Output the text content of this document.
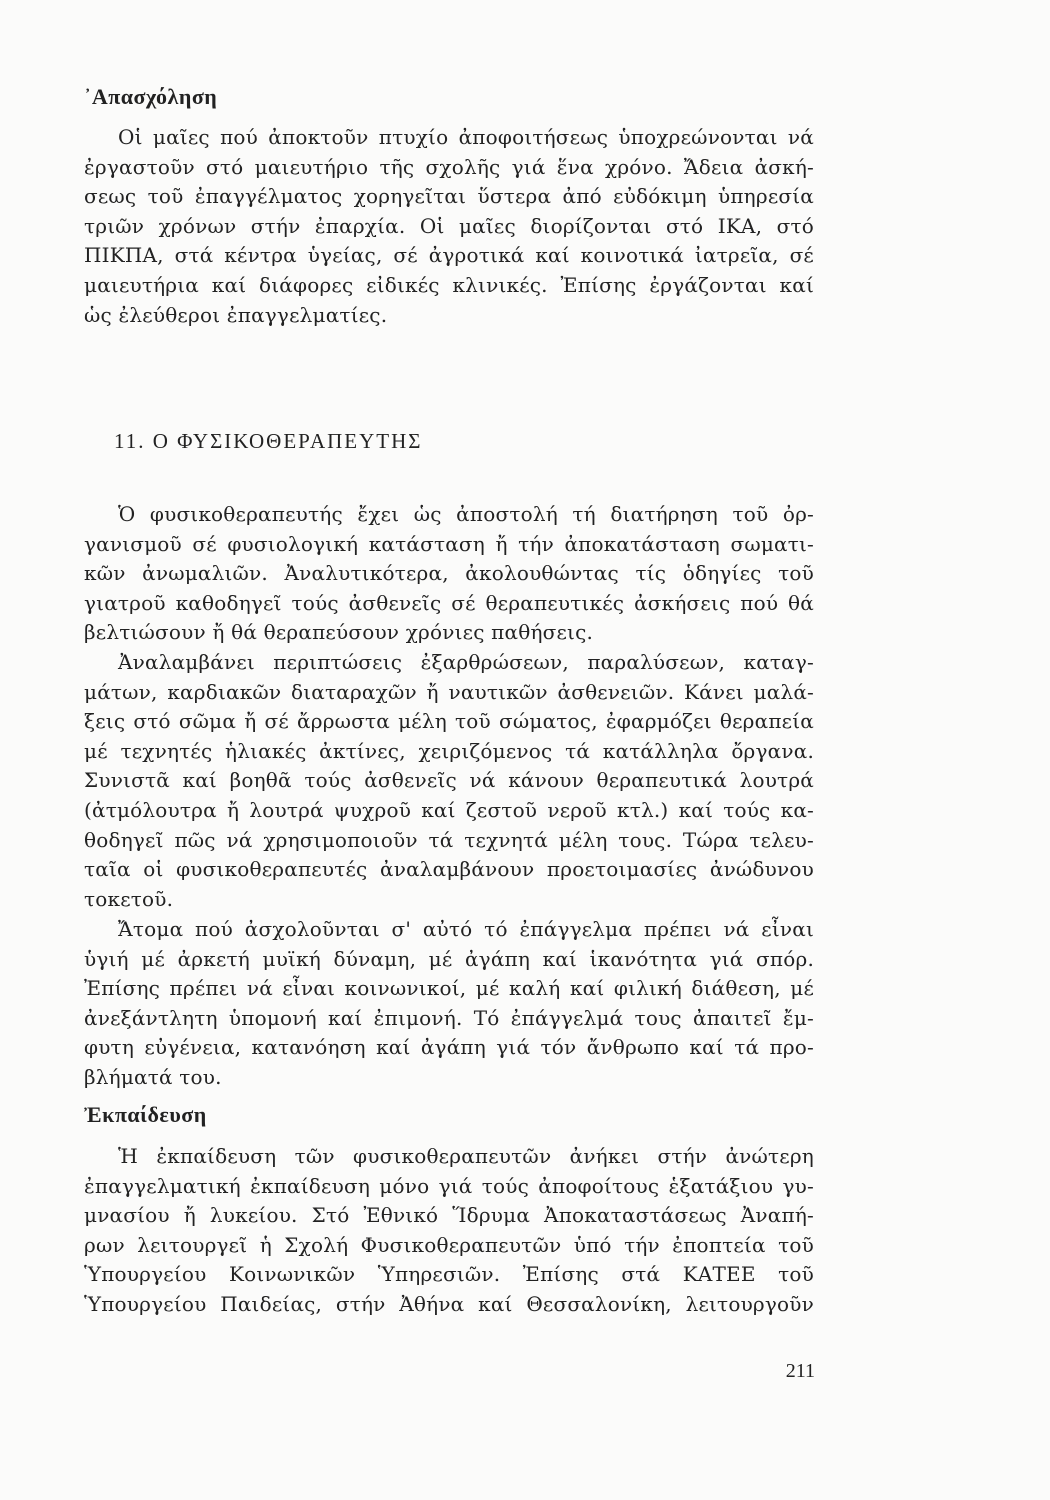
᾿Απασχόληση

Οἱ μαῖες πού ἀποκτοῦν πτυχίο ἀποφοιτήσεως ὑποχρεώνονται νά
ἐργαστοῦν στό μαιευτήριο τῆς σχολῆς γιά ἕνα χρόνο. Ἄδεια ἀσκή-
σεως τοῦ ἐπαγγέλματος χορηγεῖται ὕστερα ἀπό εὐδόκιμη ὑπηρεσία
τριῶν χρόνων στήν ἐπαρχία. Οἱ μαῖες διορίζονται στό ΙΚΑ, στό
ΠΙΚΠΑ, στά κέντρα ὑγείας, σέ ἀγροτικά καί κοινοτικά ἰατρεῖα, σέ
μαιευτήρια καί διάφορες εἰδικές κλινικές. Ἐπίσης ἐργάζονται καί
ὡς ἐλεύθεροι ἐπαγγελματίες.

11. Ο ΦΥΣΙΚΟΘΕΡΑΠΕΥΤΗΣ

Ὁ φυσικοθεραπευτής ἔχει ὡς ἀποστολή τή διατήρηση τοῦ ὀρ-
γανισμοῦ σέ φυσιολογική κατάσταση ἤ τήν ἀποκατάσταση σωματι-
κῶν ἀνωμαλιῶν. Ἀναλυτικότερα, ἀκολουθώντας τίς ὁδηγίες τοῦ
γιατροῦ καθοδηγεῖ τούς ἀσθενεῖς σέ θεραπευτικές ἀσκήσεις πού θά
βελτιώσουν ἤ θά θεραπεύσουν χρόνιες παθήσεις.

Ἀναλαμβάνει περιπτώσεις ἐξαρθρώσεων, παραλύσεων, καταγ-
μάτων, καρδιακῶν διαταραχῶν ἤ ναυτικῶν ἀσθενειῶν. Κάνει μαλά-
ξεις στό σῶμα ἤ σέ ἄρρωστα μέλη τοῦ σώματος, ἐφαρμόζει θεραπεία
μέ τεχνητές ἡλιακές ἀκτίνες, χειριζόμενος τά κατάλληλα ὄργανα.
Συνιστᾶ καί βοηθᾶ τούς ἀσθενεῖς νά κάνουν θεραπευτικά λουτρά
(ἀτμόλουτρα ἤ λουτρά ψυχροῦ καί ζεστοῦ νεροῦ κτλ.) καί τούς κα-
θοδηγεῖ πῶς νά χρησιμοποιοῦν τά τεχνητά μέλη τους. Τώρα τελευ-
ταῖα οἱ φυσικοθεραπευτές ἀναλαμβάνουν προετοιμασίες ἀνώδυνου
τοκετοῦ.

Ἄτομα πού ἀσχολοῦνται σ' αὐτό τό ἐπάγγελμα πρέπει νά εἶναι
ὑγιή μέ ἀρκετή μυϊκή δύναμη, μέ ἀγάπη καί ἱκανότητα γιά σπόρ.
Ἐπίσης πρέπει νά εἶναι κοινωνικοί, μέ καλή καί φιλική διάθεση, μέ
ἀνεξάντλητη ὑπομονή καί ἐπιμονή. Τό ἐπάγγελμά τους ἀπαιτεῖ ἔμ-
φυτη εὐγένεια, κατανόηση καί ἀγάπη γιά τόν ἄνθρωπο καί τά προ-
βλήματά του.

Ἐκπαίδευση

Ἡ ἐκπαίδευση τῶν φυσικοθεραπευτῶν ἀνήκει στήν ἀνώτερη
ἐπαγγελματική ἐκπαίδευση μόνο γιά τούς ἀποφοίτους ἑξατάξιου γυ-
μνασίου ἤ λυκείου. Στό Ἐθνικό Ἵδρυμα Ἀποκαταστάσεως Ἀναπή-
ρων λειτουργεῖ ἡ Σχολή Φυσικοθεραπευτῶν ὑπό τήν ἐποπτεία τοῦ
Ὑπουργείου Κοινωνικῶν Ὑπηρεσιῶν. Ἐπίσης στά ΚΑΤΕΕ τοῦ
Ὑπουργείου Παιδείας, στήν Ἀθήνα καί Θεσσαλονίκη, λειτουργοῦν

211
